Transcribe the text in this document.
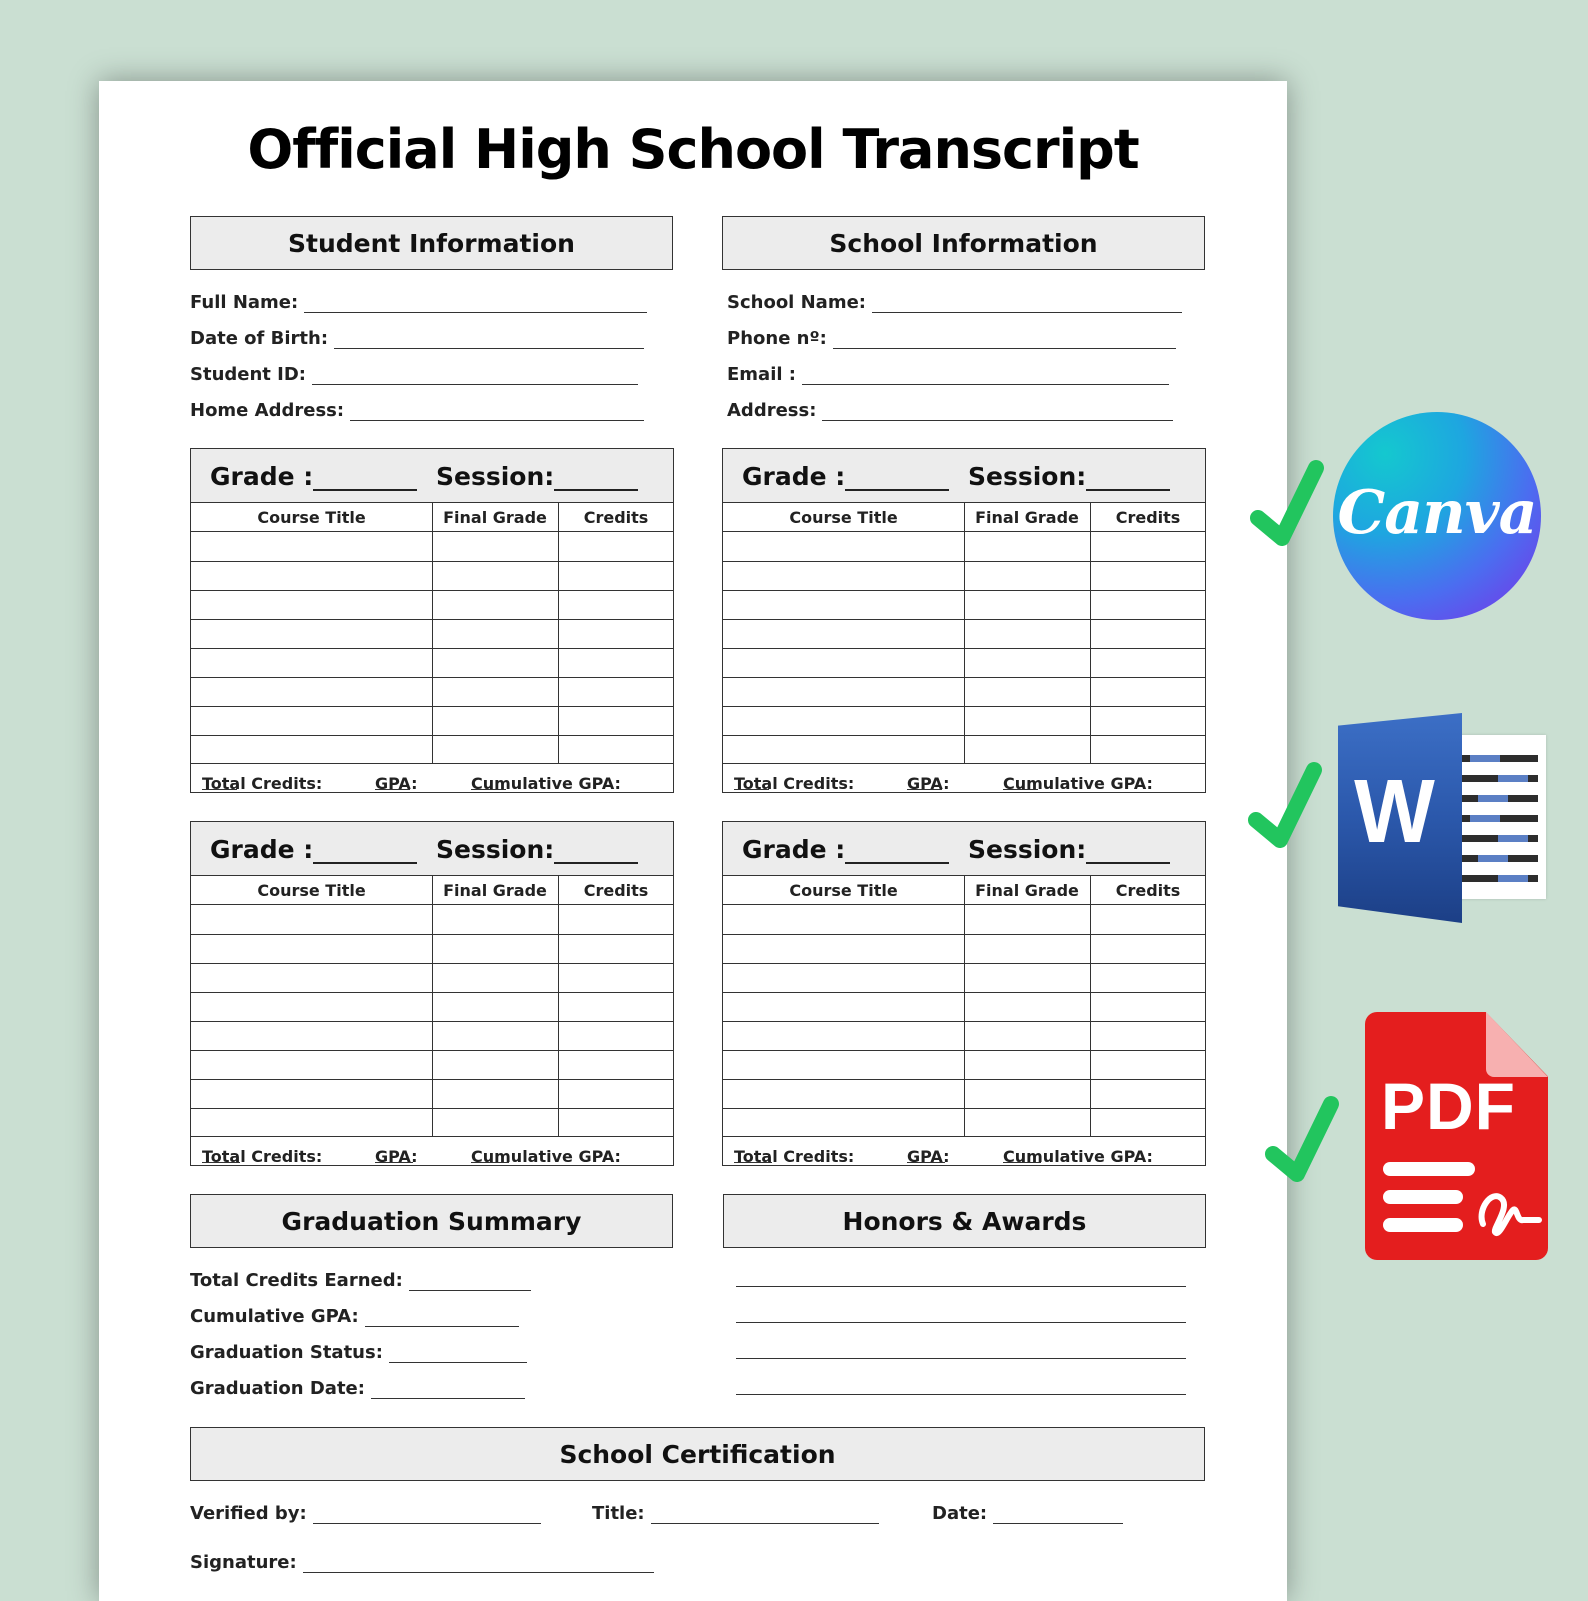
Official High School Transcript
Student Information	School Information
Full Name:
Date of Birth:
Student ID:
Home Address:
School Name:
Phone nº:
Email :
Address:
Grade :	Session:
Course Title	Final Grade	Credits
Total Credits:	GPA:	Cumulative GPA:
Grade :	Session:
Course Title	Final Grade	Credits
Total Credits:	GPA:	Cumulative GPA:
Grade :	Session:
Course Title	Final Grade	Credits
Total Credits:	GPA:	Cumulative GPA:
Grade :	Session:
Course Title	Final Grade	Credits
Total Credits:	GPA:	Cumulative GPA:
Graduation Summary	Honors & Awards
Total Credits Earned:
Cumulative GPA:
Graduation Status:
Graduation Date:
School Certification
Verified by:	Title:	Date:
Signature:
Canva
W
PDF
